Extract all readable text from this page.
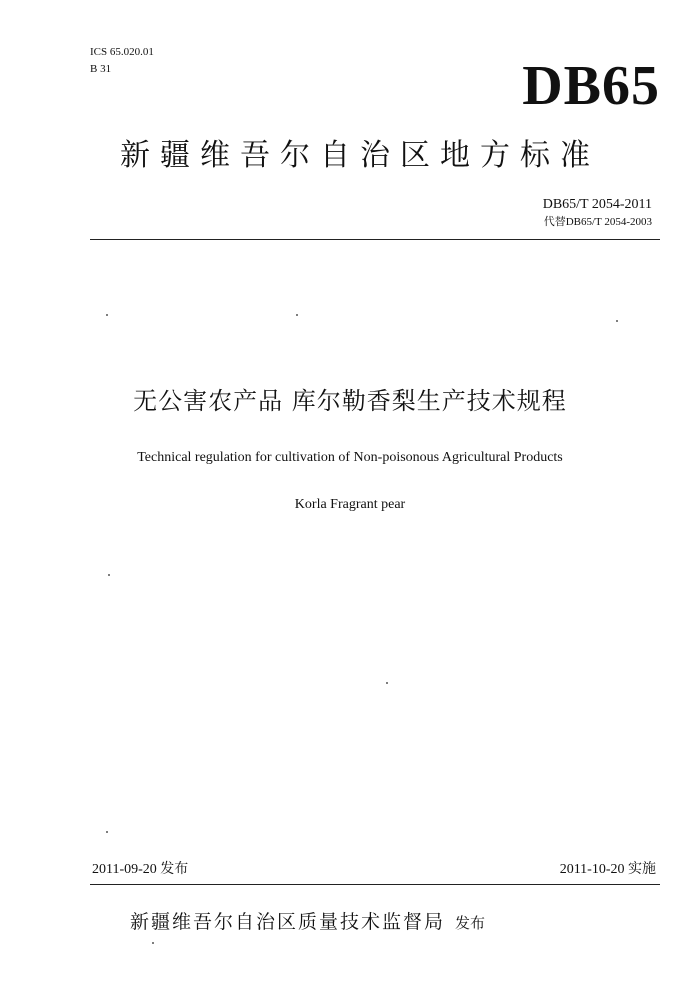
ICS 65.020.01
B 31	DB65
新疆维吾尔自治区地方标准
DB65/T 2054-2011
代替DB65/T 2054-2003
无公害农产品 库尔勒香梨生产技术规程
Technical regulation for cultivation of Non-poisonous Agricultural Products
Korla Fragrant pear
2011-09-20 发布	2011-10-20 实施
新疆维吾尔自治区质量技术监督局 发布
